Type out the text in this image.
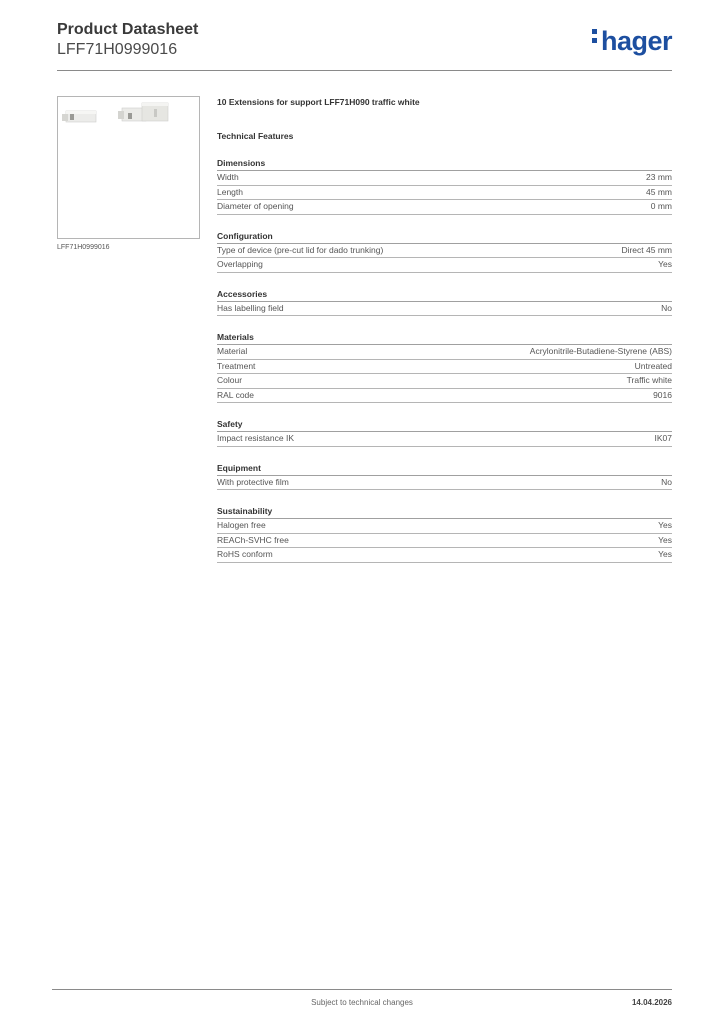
Product Datasheet
LFF71H0999016	hager
LFF71H0999016
10 Extensions for support LFF71H090 traffic white
Technical Features
Dimensions
Width	23 mm
Length	45 mm
Diameter of opening	0 mm
Configuration
Type of device (pre-cut lid for dado trunking)	Direct 45 mm
Overlapping	Yes
Accessories
Has labelling field	No
Materials
Material	Acrylonitrile-Butadiene-Styrene (ABS)
Treatment	Untreated
Colour	Traffic white
RAL code	9016
Safety
Impact resistance IK	IK07
Equipment
With protective film	No
Sustainability
Halogen free	Yes
REACh-SVHC free	Yes
RoHS conform	Yes
Subject to technical changes	14.04.2026
